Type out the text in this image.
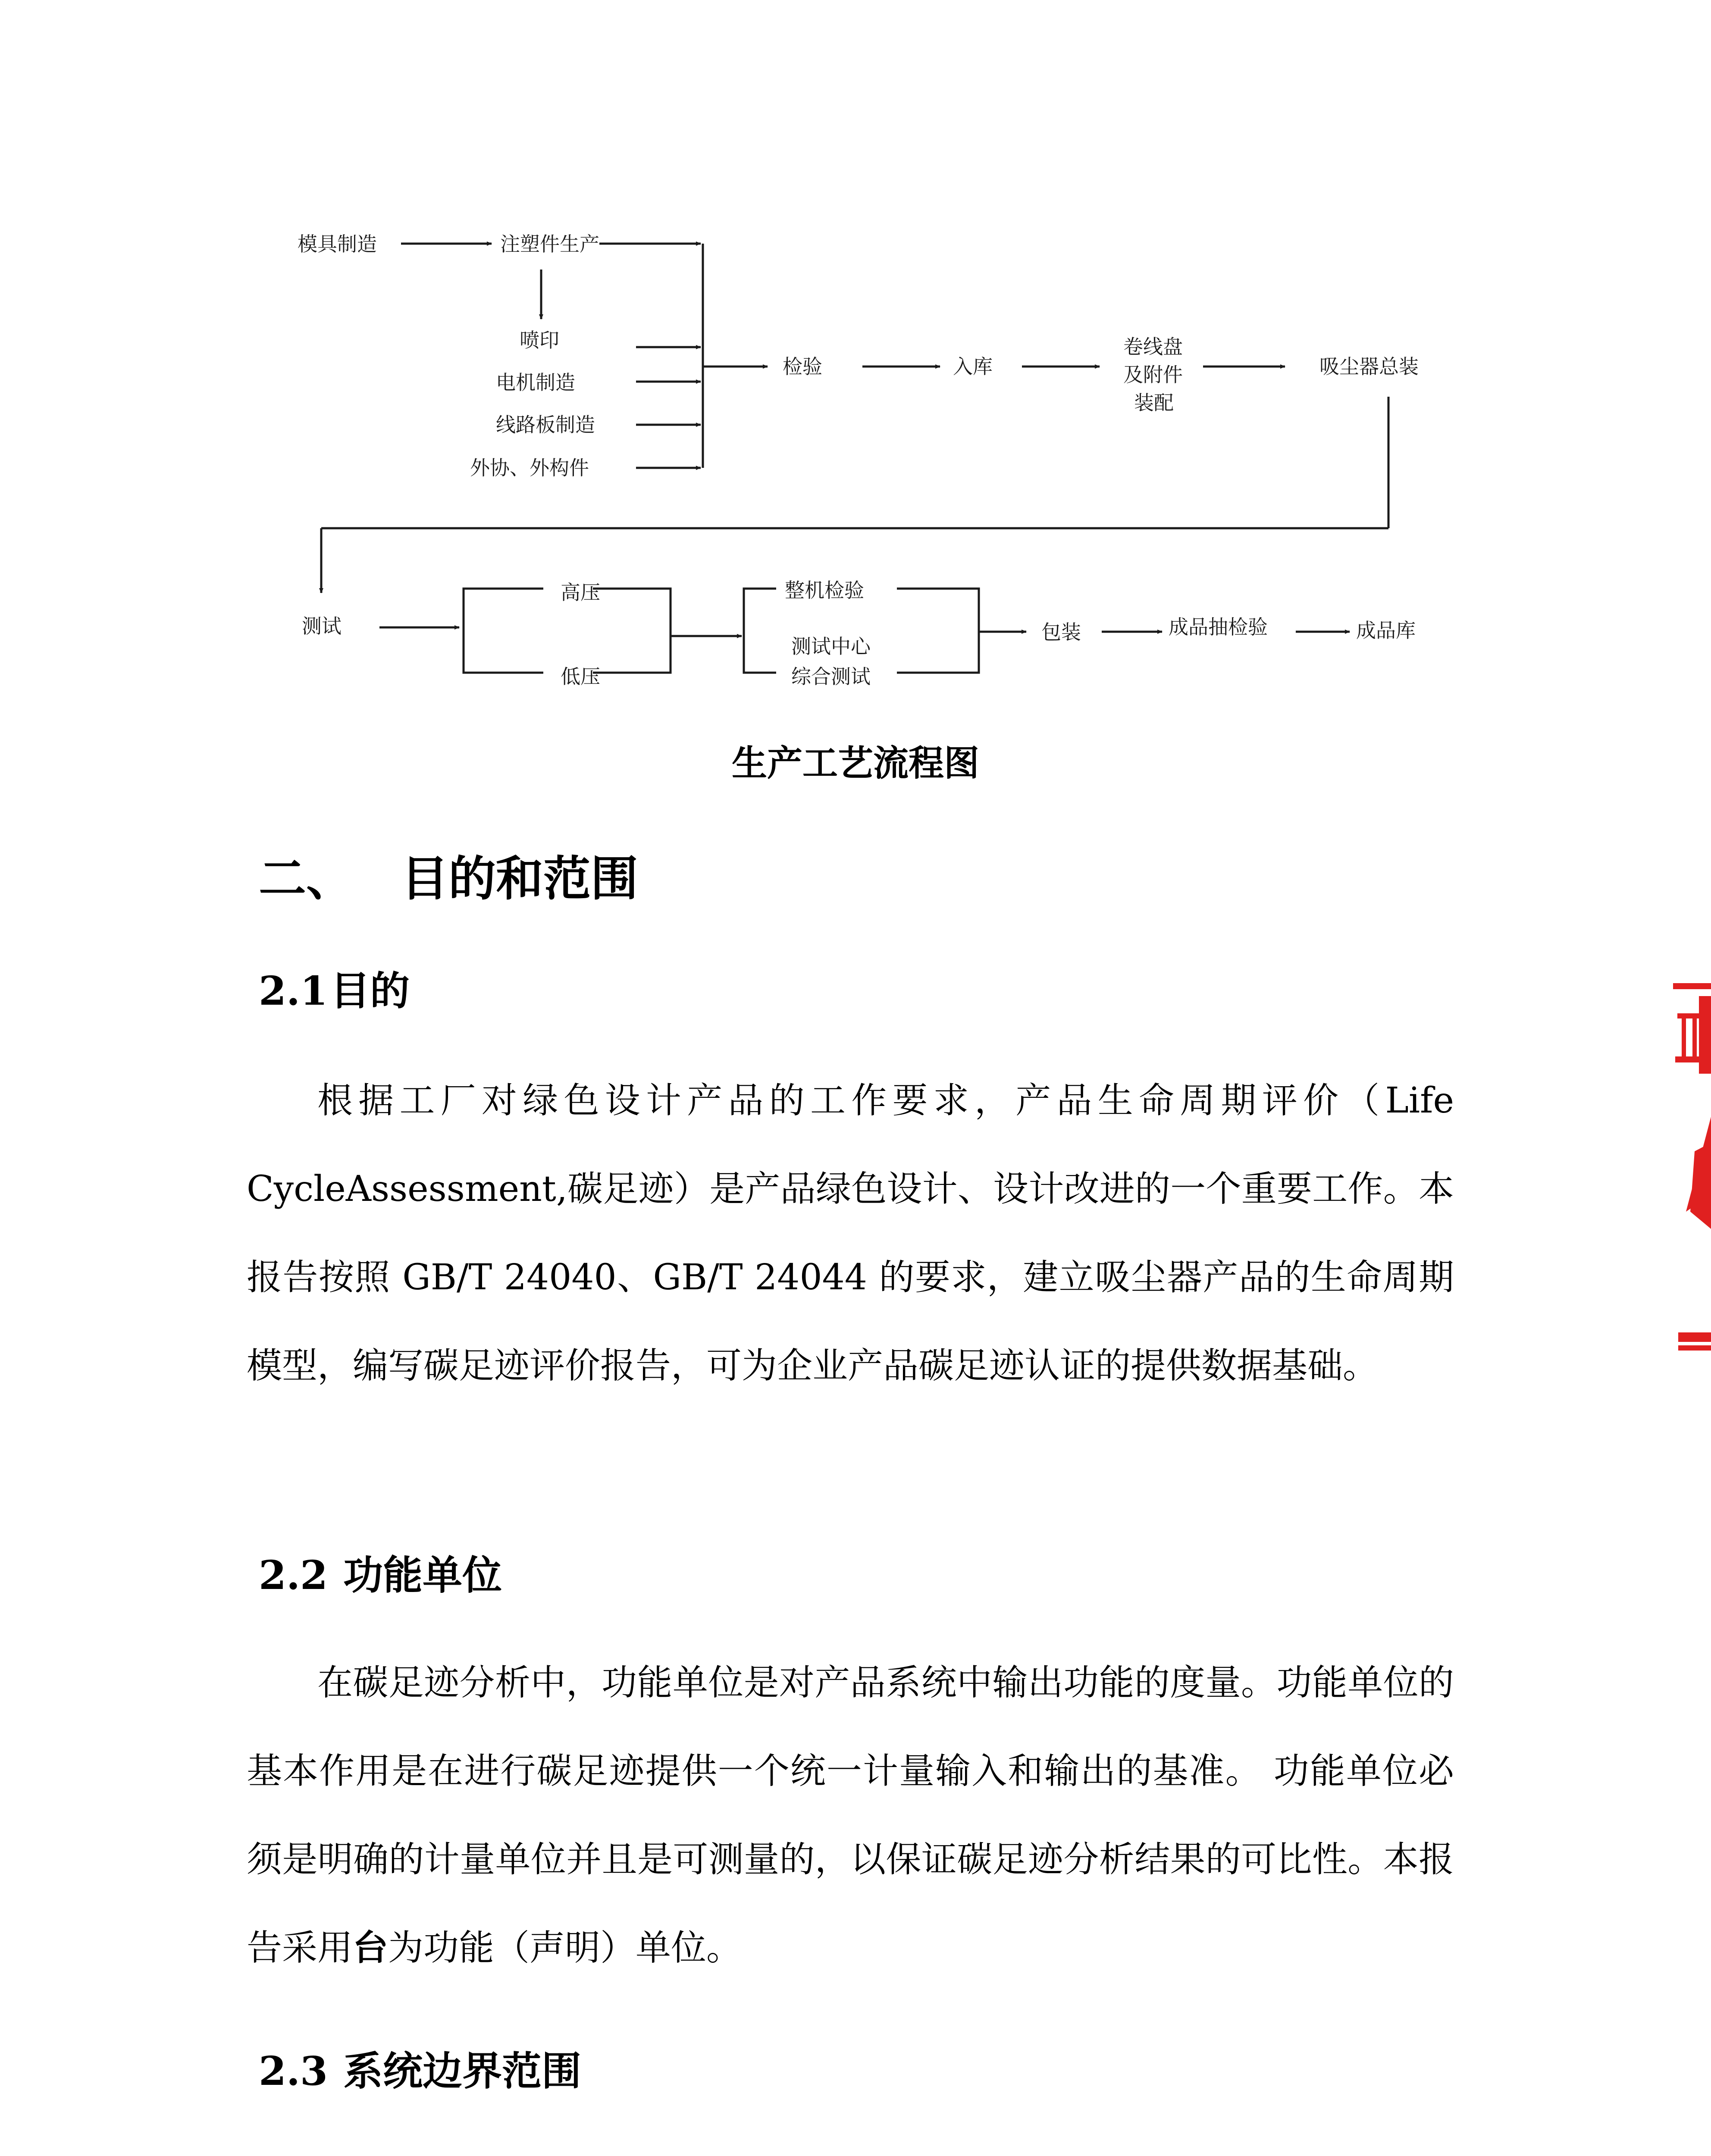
模具制造	注塑件生产
喷印
电机制造
线路板制造
外协、外构件
检验	入库
卷线盘
及附件
装配
吸尘器总装
测试
高压
低压
整机检验
测试中心
综合测试
包装	成品抽检验	成品库
生产工艺流程图
二、 目的和范围
2.1目的

根据工厂对绿色设计产品的工作要求，产品生命周期评价（Life CycleAssessment,碳足迹）是产品绿色设计、设计改进的一个重要工作。本报告按照 GB/T 24040、GB/T 24044 的要求，建立吸尘器产品的生命周期模型，编写碳足迹评价报告，可为企业产品碳足迹认证的提供数据基础。

2.2 功能单位

在碳足迹分析中，功能单位是对产品系统中输出功能的度量。功能单位的基本作用是在进行碳足迹提供一个统一计量输入和输出的基准。 功能单位必须是明确的计量单位并且是可测量的，以保证碳足迹分析结果的可比性。本报告采用台为功能（声明）单位。

2.3 系统边界范围
